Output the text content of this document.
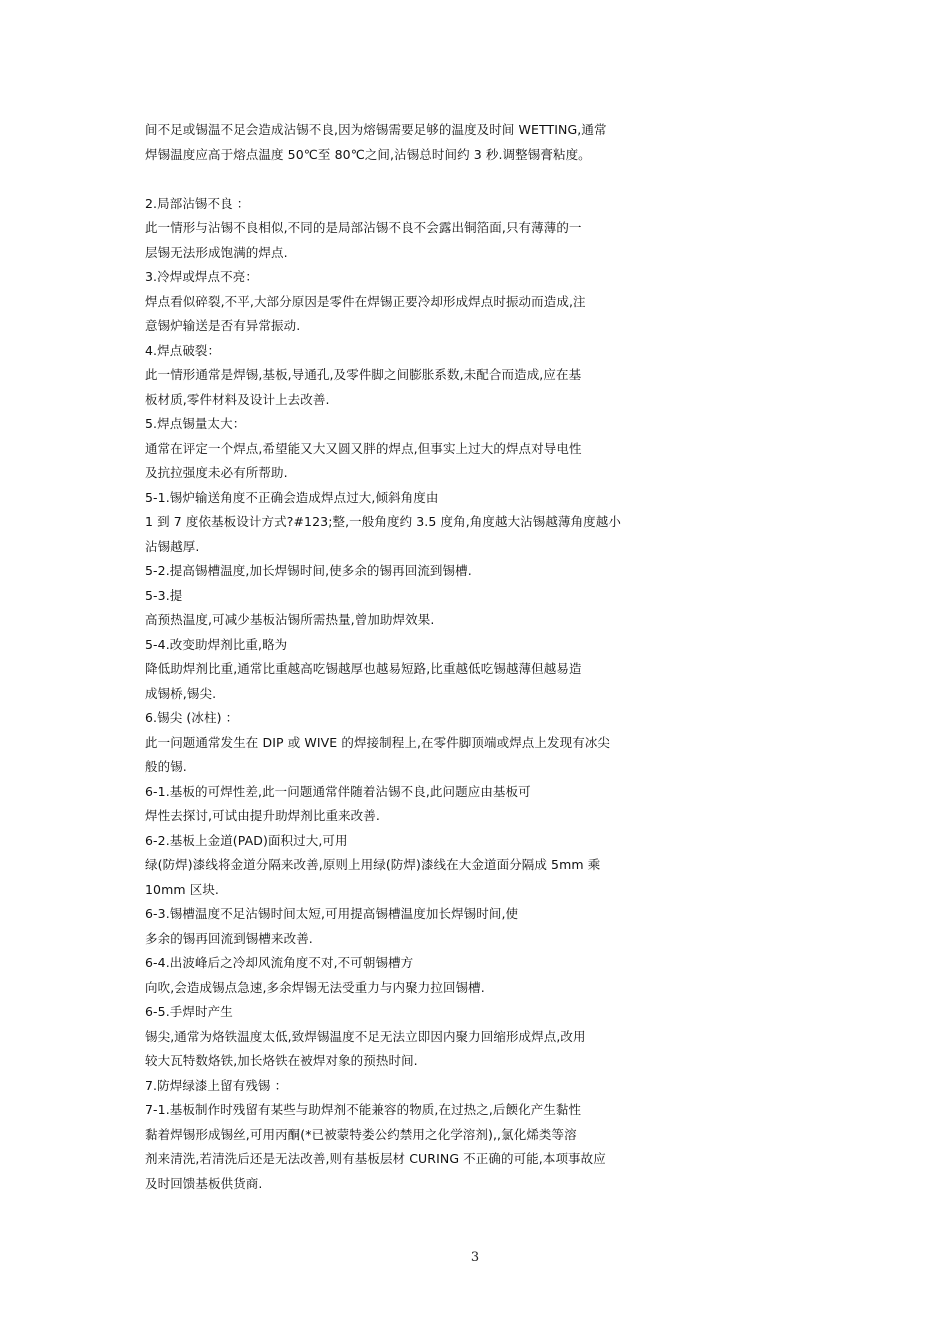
间不足或锡温不足会造成沾锡不良,因为熔锡需要足够的温度及时间 WETTING,通常
焊锡温度应高于熔点温度 50℃至 80℃之间,沾锡总时间约 3 秒.调整锡膏粘度。
2.局部沾锡不良 ：
此一情形与沾锡不良相似,不同的是局部沾锡不良不会露出铜箔面,只有薄薄的一
层锡无法形成饱满的焊点.
3.冷焊或焊点不亮：
焊点看似碎裂,不平,大部分原因是零件在焊锡正要冷却形成焊点时振动而造成,注
意锡炉输送是否有异常振动.
4.焊点破裂：
此一情形通常是焊锡,基板,导通孔,及零件脚之间膨胀系数,未配合而造成,应在基
板材质,零件材料及设计上去改善.
5.焊点锡量太大：
通常在评定一个焊点,希望能又大又圆又胖的焊点,但事实上过大的焊点对导电性
及抗拉强度未必有所帮助.
5-1.锡炉输送角度不正确会造成焊点过大,倾斜角度由
1 到 7 度依基板设计方式?#123;整,一般角度约 3.5 度角,角度越大沾锡越薄角度越小
沾锡越厚.
5-2.提高锡槽温度,加长焊锡时间,使多余的锡再回流到锡槽.
5-3.提
高预热温度,可减少基板沾锡所需热量,曾加助焊效果.
5-4.改变助焊剂比重,略为
降低助焊剂比重,通常比重越高吃锡越厚也越易短路,比重越低吃锡越薄但越易造
成锡桥,锡尖.
6.锡尖 (冰柱) ：
此一问题通常发生在 DIP 或 WIVE 的焊接制程上,在零件脚顶端或焊点上发现有冰尖
般的锡.
6-1.基板的可焊性差,此一问题通常伴随着沾锡不良,此问题应由基板可
焊性去探讨,可试由提升助焊剂比重来改善.
6-2.基板上金道(PAD)面积过大,可用
绿(防焊)漆线将金道分隔来改善,原则上用绿(防焊)漆线在大金道面分隔成 5mm 乘
10mm 区块.
6-3.锡槽温度不足沾锡时间太短,可用提高锡槽温度加长焊锡时间,使
多余的锡再回流到锡槽来改善.
6-4.出波峰后之冷却风流角度不对,不可朝锡槽方
向吹,会造成锡点急速,多余焊锡无法受重力与内聚力拉回锡槽.
6-5.手焊时产生
锡尖,通常为烙铁温度太低,致焊锡温度不足无法立即因内聚力回缩形成焊点,改用
较大瓦特数烙铁,加长烙铁在被焊对象的预热时间.
7.防焊绿漆上留有残锡 ：
7-1.基板制作时残留有某些与助焊剂不能兼容的物质,在过热之,后餪化产生黏性
黏着焊锡形成锡丝,可用丙酮(*已被蒙特娄公约禁用之化学溶剂),,氯化烯类等溶
剂来清洗,若清洗后还是无法改善,则有基板层材 CURING 不正确的可能,本项事故应
及时回馈基板供货商.
3
